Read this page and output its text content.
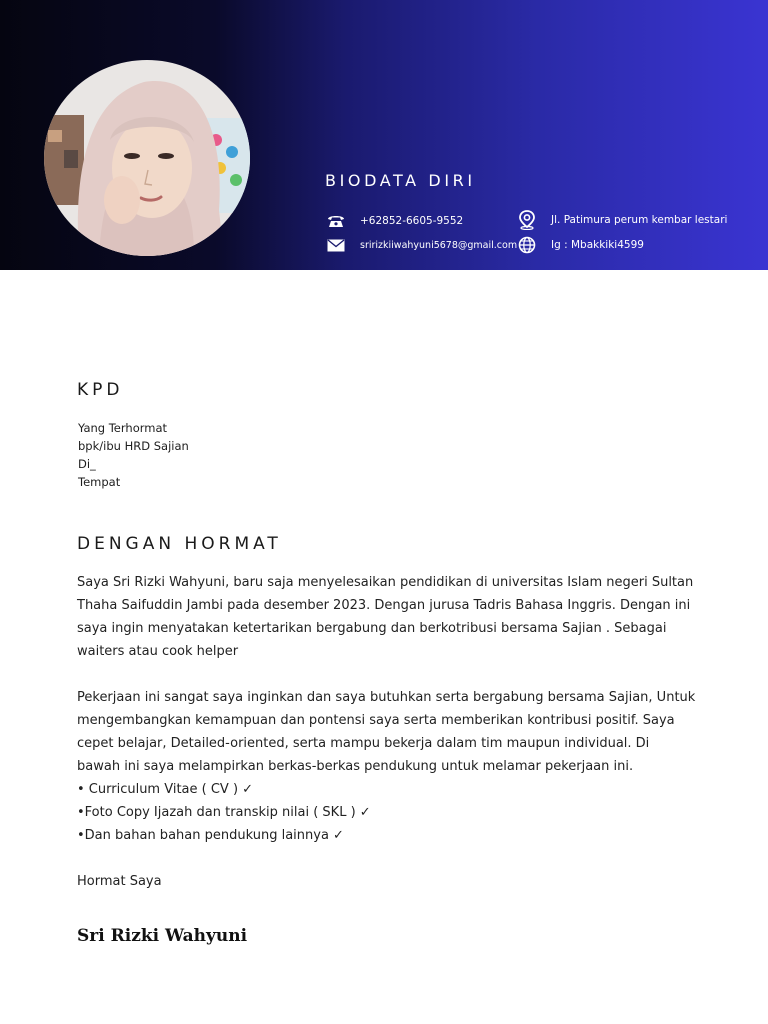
BIODATA DIRI
+62852-6605-9552
sririzkiiwahyuni5678@gmail.com
Jl. Patimura perum kembar lestari
Ig : Mbakkiki4599
KPD
Yang Terhormat
bpk/ibu HRD Sajian
Di_
Tempat
DENGAN HORMAT

Saya Sri Rizki Wahyuni, baru saja menyelesaikan pendidikan di universitas Islam negeri Sultan

Thaha Saifuddin Jambi pada desember 2023. Dengan jurusa Tadris Bahasa Inggris. Dengan ini

saya ingin menyatakan ketertarikan bergabung dan berkotribusi bersama Sajian . Sebagai

waiters atau cook helper

Pekerjaan ini sangat saya inginkan dan saya butuhkan serta bergabung bersama Sajian, Untuk

mengembangkan kemampuan dan pontensi saya serta memberikan kontribusi positif. Saya

cepet belajar, Detailed-oriented, serta mampu bekerja dalam tim maupun individual. Di

bawah ini saya melampirkan berkas-berkas pendukung untuk melamar pekerjaan ini.

• Curriculum Vitae ( CV ) ✓

•Foto Copy Ijazah dan transkip nilai ( SKL ) ✓

•Dan bahan bahan pendukung lainnya ✓

Hormat Saya

Sri Rizki Wahyuni
